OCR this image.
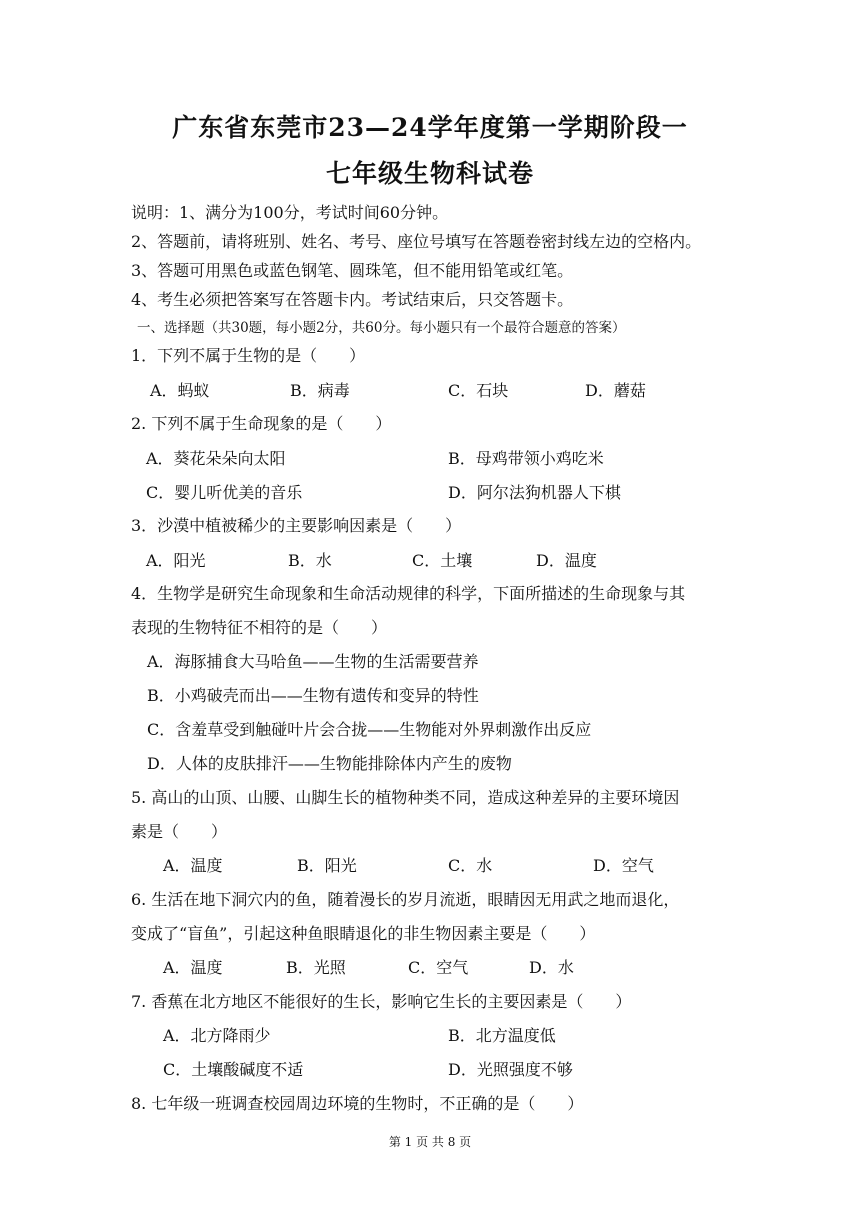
广东省东莞市23—24学年度第一学期阶段一
七年级生物科试卷
说明：1、满分为100分，考试时间60分钟。
2、答题前，请将班别、姓名、考号、座位号填写在答题卷密封线左边的空格内。
3、答题可用黑色或蓝色钢笔、圆珠笔，但不能用铅笔或红笔。
4、考生必须把答案写在答题卡内。考试结束后，只交答题卡。
一、选择题（共30题，每小题2分，共60分。每小题只有一个最符合题意的答案）
1．下列不属于生物的是（　　）
A．蚂蚁	B．病毒	C．石块	D．蘑菇
2. 下列不属于生命现象的是（　　）
A．葵花朵朵向太阳	B．母鸡带领小鸡吃米
C．婴儿听优美的音乐	D．阿尔法狗机器人下棋
3．沙漠中植被稀少的主要影响因素是（　　）
A．阳光	B．水	C．土壤	D．温度
4．生物学是研究生命现象和生命活动规律的科学，下面所描述的生命现象与其
表现的生物特征不相符的是（　　）
A．海豚捕食大马哈鱼——生物的生活需要营养
B．小鸡破壳而出——生物有遗传和变异的特性
C．含羞草受到触碰叶片会合拢——生物能对外界刺激作出反应
D．人体的皮肤排汗——生物能排除体内产生的废物
5. 高山的山顶、山腰、山脚生长的植物种类不同，造成这种差异的主要环境因
素是（　　）
A．温度	B．阳光	C．水	D．空气
6. 生活在地下洞穴内的鱼，随着漫长的岁月流逝，眼睛因无用武之地而退化，
变成了“盲鱼”，引起这种鱼眼睛退化的非生物因素主要是（　　）
A．温度	B．光照	C．空气	D．水
7. 香蕉在北方地区不能很好的生长，影响它生长的主要因素是（　　）
A．北方降雨少	B．北方温度低
C．土壤酸碱度不适	D．光照强度不够
8. 七年级一班调查校园周边环境的生物时，不正确的是（　　）
第 1 页 共 8 页
